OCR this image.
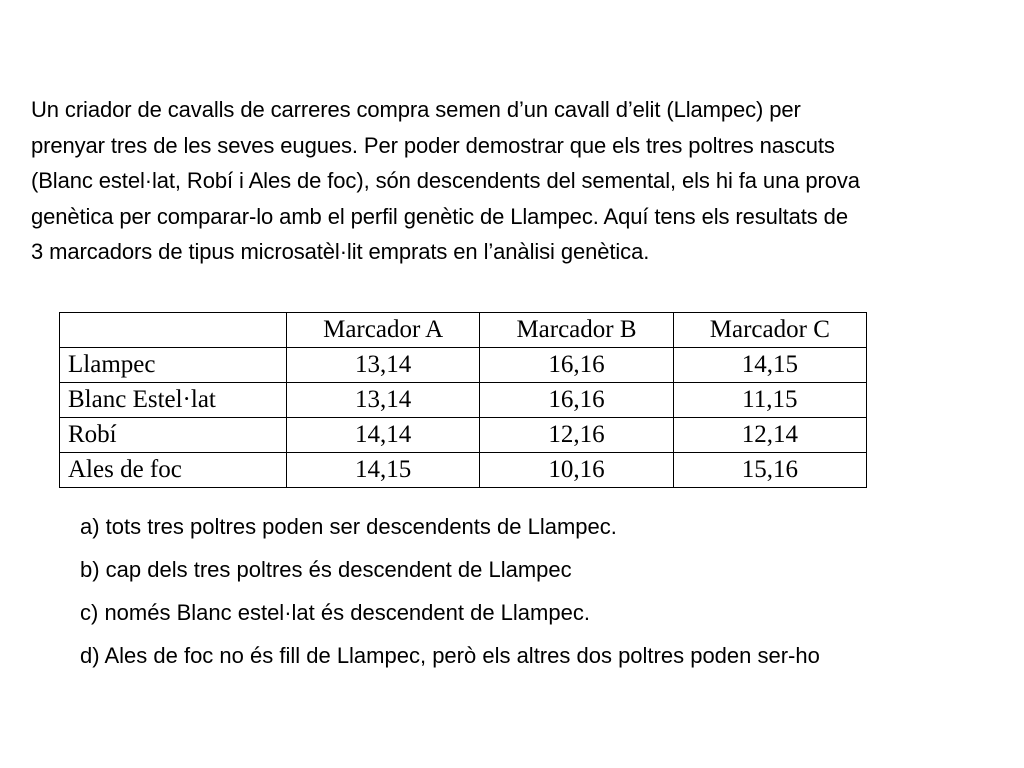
Un criador de cavalls de carreres compra semen d’un cavall d’elit (Llampec) per
prenyar tres de les seves eugues. Per poder demostrar que els tres poltres nascuts
(Blanc estel·lat, Robí i Ales de foc), són descendents del semental, els hi fa una prova
genètica per comparar-lo amb el perfil genètic de Llampec. Aquí tens els resultats de
3 marcadors de tipus microsatèl·lit emprats en l’anàlisi genètica.

	Marcador A	Marcador B	Marcador C
Llampec	13,14	16,16	14,15
Blanc Estel·lat	13,14	16,16	11,15
Robí	14,14	12,16	12,14
Ales de foc	14,15	10,16	15,16
a) tots tres poltres poden ser descendents de Llampec.
b) cap dels tres poltres és descendent de Llampec
c) només Blanc estel·lat és descendent de Llampec.
d) Ales de foc no és fill de Llampec, però els altres dos poltres poden ser-ho
